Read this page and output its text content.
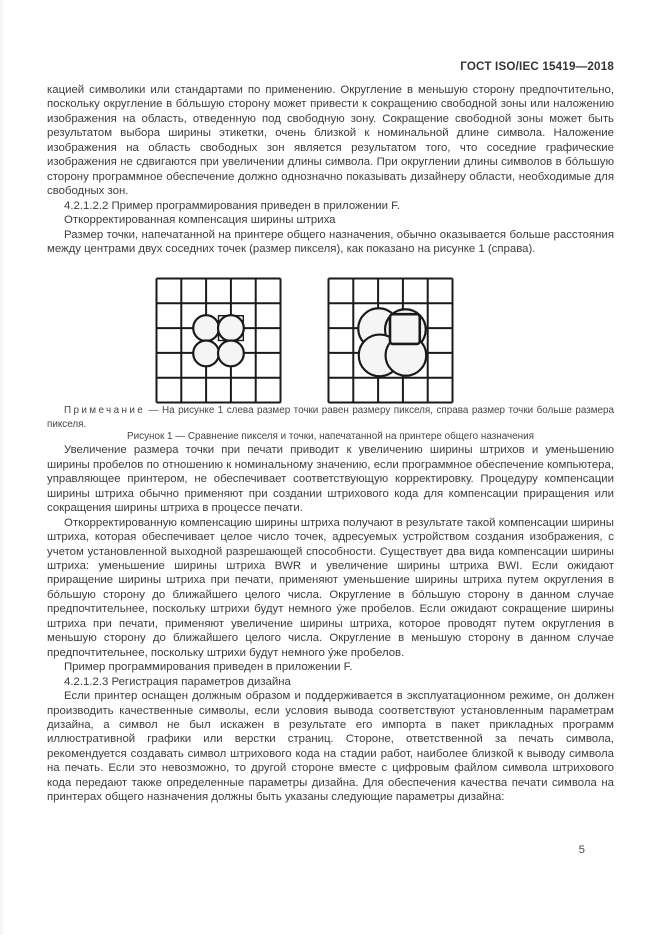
ГОСТ ISO/IEC 15419—2018

кацией символики или стандартами по применению. Округление в меньшую сторону предпочтительно, поскольку округление в бо́льшую сторону может привести к сокращению свободной зоны или наложению изображения на область, отведенную под свободную зону. Сокращение свободной зоны может быть результатом выбора ширины этикетки, очень близкой к номинальной длине символа. Наложение изображения на область свободных зон является результатом того, что соседние графические изображения не сдвигаются при увеличении длины символа. При округлении длины символов в бо́льшую сторону программное обеспечение должно однозначно показывать дизайнеру области, необходимые для свободных зон.

4.2.1.2.2 Пример программирования приведен в приложении F.

Откорректированная компенсация ширины штриха

Размер точки, напечатанной на принтере общего назначения, обычно оказывается больше расстояния между центрами двух соседних точек (размер пикселя), как показано на рисунке 1 (справа).

Примечание — На рисунке 1 слева размер точки равен размеру пикселя, справа размер точки больше размера пикселя.

Рисунок 1 — Сравнение пикселя и точки, напечатанной на принтере общего назначения

Увеличение размера точки при печати приводит к увеличению ширины штрихов и уменьшению ширины пробелов по отношению к номинальному значению, если программное обеспечение компьютера, управляющее принтером, не обеспечивает соответствующую корректировку. Процедуру компенсации ширины штриха обычно применяют при создании штрихового кода для компенсации приращения или сокращения ширины штриха в процессе печати.

Откорректированную компенсацию ширины штриха получают в результате такой компенсации ширины штриха, которая обеспечивает целое число точек, адресуемых устройством создания изображения, с учетом установленной выходной разрешающей способности. Существует два вида компенсации ширины штриха: уменьшение ширины штриха BWR и увеличение ширины штриха BWI. Если ожидают приращение ширины штриха при печати, применяют уменьшение ширины штриха путем округления в бо́льшую сторону до ближайшего целого числа. Округление в бо́льшую сторону в данном случае предпочтительнее, поскольку штрихи будут немного у́же пробелов. Если ожидают сокращение ширины штриха при печати, применяют увеличение ширины штриха, которое проводят путем округления в меньшую сторону до ближайшего целого числа. Округление в меньшую сторону в данном случае предпочтительнее, поскольку штрихи будут немного у́же пробелов.

Пример программирования приведен в приложении F.

4.2.1.2.3 Регистрация параметров дизайна

Если принтер оснащен должным образом и поддерживается в эксплуатационном режиме, он должен производить качественные символы, если условия вывода соответствуют установленным параметрам дизайна, а символ не был искажен в результате его импорта в пакет прикладных программ иллюстративной графики или верстки страниц. Стороне, ответственной за печать символа, рекомендуется создавать символ штрихового кода на стадии работ, наиболее близкой к выводу символа на печать. Если это невозможно, то другой стороне вместе с цифровым файлом символа штрихового кода передают также определенные параметры дизайна. Для обеспечения качества печати символа на принтерах общего назначения должны быть указаны следующие параметры дизайна:

5
